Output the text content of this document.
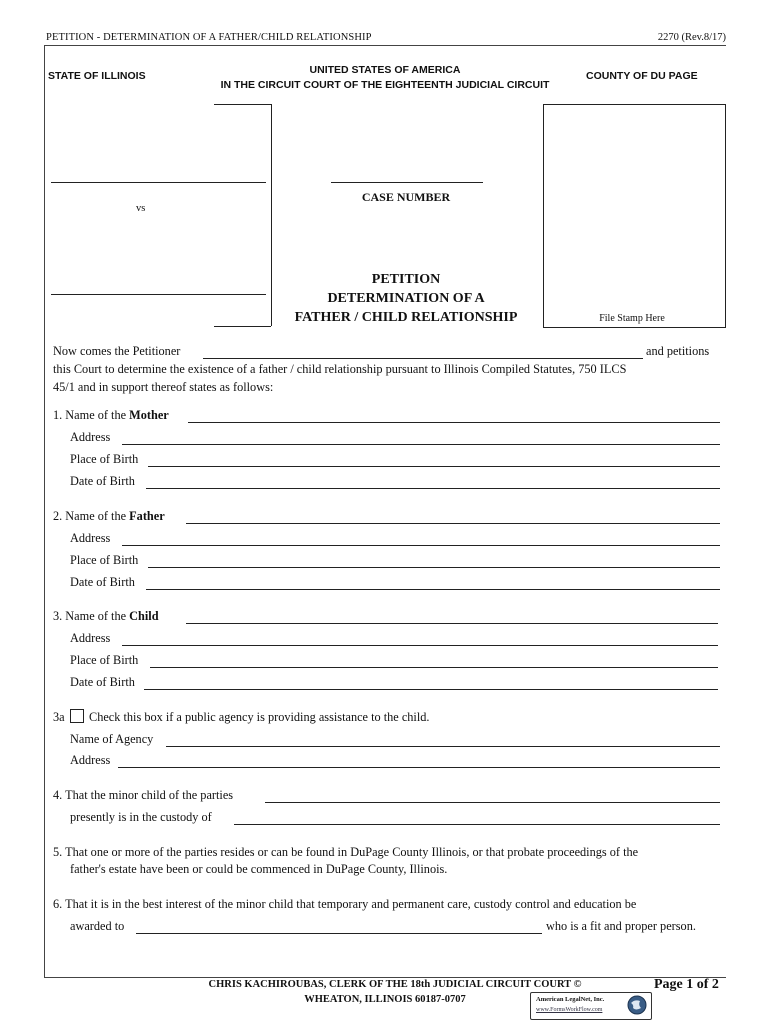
PETITION - DETERMINATION OF A FATHER/CHILD RELATIONSHIP	2270 (Rev.8/17)
STATE OF ILLINOIS	UNITED STATES OF AMERICA
IN THE CIRCUIT COURT OF THE EIGHTEENTH JUDICIAL CIRCUIT
COUNTY OF DU PAGE
vs
CASE NUMBER
PETITION
DETERMINATION OF A
FATHER / CHILD RELATIONSHIP	File Stamp Here
Now comes the Petitioner	and petitions
this Court to determine the existence of a father / child relationship pursuant to Illinois Compiled Statutes, 750 ILCS
45/1 and in support thereof states as follows:
1. Name of the Mother
Address
Place of Birth
Date of Birth
2. Name of the Father
Address
Place of Birth
Date of Birth
3. Name of the Child
Address
Place of Birth
Date of Birth
3a Check this box if a public agency is providing assistance to the child.
Name of Agency
Address
4. That the minor child of the parties
presently is in the custody of
5. That one or more of the parties resides or can be found in DuPage County Illinois, or that probate proceedings of the
father's estate have been or could be commenced in DuPage County, Illinois.
6. That it is in the best interest of the minor child that temporary and permanent care, custody control and education be
awarded to	who is a fit and proper person.
CHRIS KACHIROUBAS, CLERK OF THE 18th JUDICIAL CIRCUIT COURT ©
WHEATON, ILLINOIS 60187-0707
Page 1 of 2
American LegalNet, Inc.
www.FormsWorkFlow.com
